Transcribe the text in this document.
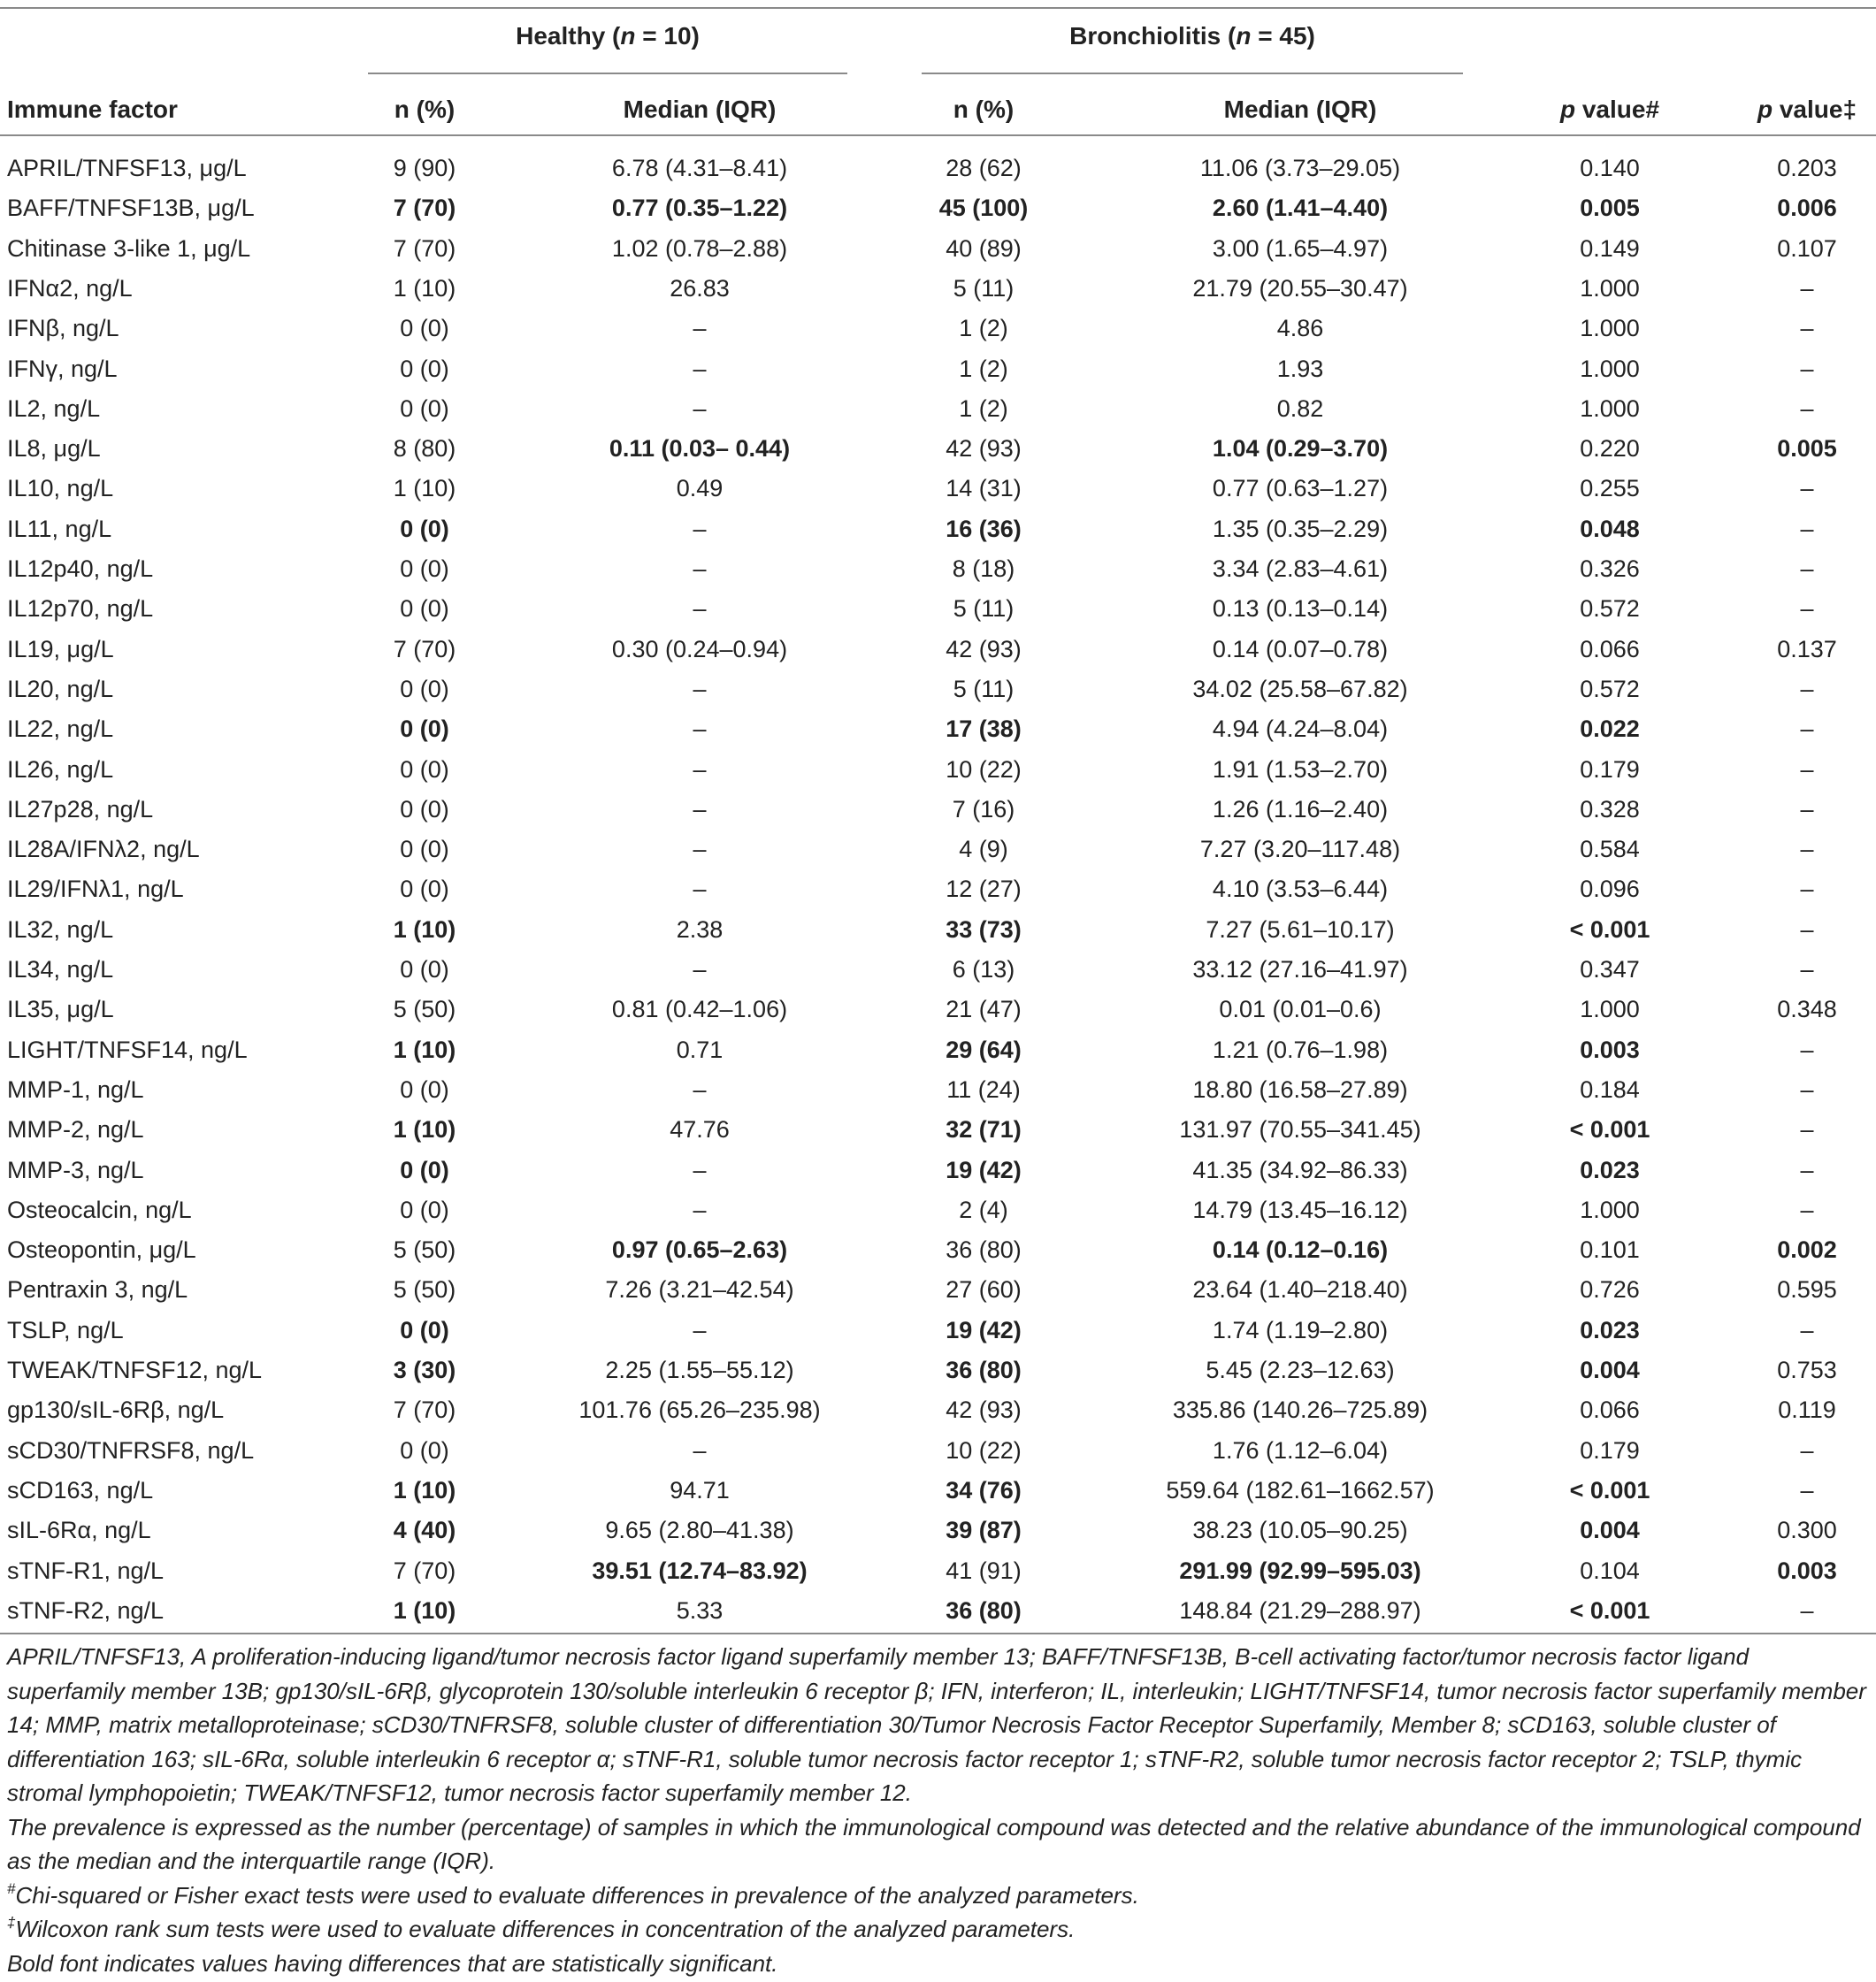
Healthy (n = 10)	Bronchiolitis (n = 45)
Immune factor	n (%)	Median (IQR)	n (%)	Median (IQR)	p value#	p value‡
APRIL/TNFSF13, μg/L	9 (90)	6.78 (4.31–8.41)	28 (62)	11.06 (3.73–29.05)	0.140	0.203
BAFF/TNFSF13B, μg/L	7 (70)	0.77 (0.35–1.22)	45 (100)	2.60 (1.41–4.40)	0.005	0.006
Chitinase 3-like 1, μg/L	7 (70)	1.02 (0.78–2.88)	40 (89)	3.00 (1.65–4.97)	0.149	0.107
IFNα2, ng/L	1 (10)	26.83	5 (11)	21.79 (20.55–30.47)	1.000	–
IFNβ, ng/L	0 (0)	–	1 (2)	4.86	1.000	–
IFNγ, ng/L	0 (0)	–	1 (2)	1.93	1.000	–
IL2, ng/L	0 (0)	–	1 (2)	0.82	1.000	–
IL8, μg/L	8 (80)	0.11 (0.03– 0.44)	42 (93)	1.04 (0.29–3.70)	0.220	0.005
IL10, ng/L	1 (10)	0.49	14 (31)	0.77 (0.63–1.27)	0.255	–
IL11, ng/L	0 (0)	–	16 (36)	1.35 (0.35–2.29)	0.048	–
IL12p40, ng/L	0 (0)	–	8 (18)	3.34 (2.83–4.61)	0.326	–
IL12p70, ng/L	0 (0)	–	5 (11)	0.13 (0.13–0.14)	0.572	–
IL19, μg/L	7 (70)	0.30 (0.24–0.94)	42 (93)	0.14 (0.07–0.78)	0.066	0.137
IL20, ng/L	0 (0)	–	5 (11)	34.02 (25.58–67.82)	0.572	–
IL22, ng/L	0 (0)	–	17 (38)	4.94 (4.24–8.04)	0.022	–
IL26, ng/L	0 (0)	–	10 (22)	1.91 (1.53–2.70)	0.179	–
IL27p28, ng/L	0 (0)	–	7 (16)	1.26 (1.16–2.40)	0.328	–
IL28A/IFNλ2, ng/L	0 (0)	–	4 (9)	7.27 (3.20–117.48)	0.584	–
IL29/IFNλ1, ng/L	0 (0)	–	12 (27)	4.10 (3.53–6.44)	0.096	–
IL32, ng/L	1 (10)	2.38	33 (73)	7.27 (5.61–10.17)	< 0.001	–
IL34, ng/L	0 (0)	–	6 (13)	33.12 (27.16–41.97)	0.347	–
IL35, μg/L	5 (50)	0.81 (0.42–1.06)	21 (47)	0.01 (0.01–0.6)	1.000	0.348
LIGHT/TNFSF14, ng/L	1 (10)	0.71	29 (64)	1.21 (0.76–1.98)	0.003	–
MMP-1, ng/L	0 (0)	–	11 (24)	18.80 (16.58–27.89)	0.184	–
MMP-2, ng/L	1 (10)	47.76	32 (71)	131.97 (70.55–341.45)	< 0.001	–
MMP-3, ng/L	0 (0)	–	19 (42)	41.35 (34.92–86.33)	0.023	–
Osteocalcin, ng/L	0 (0)	–	2 (4)	14.79 (13.45–16.12)	1.000	–
Osteopontin, μg/L	5 (50)	0.97 (0.65–2.63)	36 (80)	0.14 (0.12–0.16)	0.101	0.002
Pentraxin 3, ng/L	5 (50)	7.26 (3.21–42.54)	27 (60)	23.64 (1.40–218.40)	0.726	0.595
TSLP, ng/L	0 (0)	–	19 (42)	1.74 (1.19–2.80)	0.023	–
TWEAK/TNFSF12, ng/L	3 (30)	2.25 (1.55–55.12)	36 (80)	5.45 (2.23–12.63)	0.004	0.753
gp130/sIL-6Rβ, ng/L	7 (70)	101.76 (65.26–235.98)	42 (93)	335.86 (140.26–725.89)	0.066	0.119
sCD30/TNFRSF8, ng/L	0 (0)	–	10 (22)	1.76 (1.12–6.04)	0.179	–
sCD163, ng/L	1 (10)	94.71	34 (76)	559.64 (182.61–1662.57)	< 0.001	–
sIL-6Rα, ng/L	4 (40)	9.65 (2.80–41.38)	39 (87)	38.23 (10.05–90.25)	0.004	0.300
sTNF-R1, ng/L	7 (70)	39.51 (12.74–83.92)	41 (91)	291.99 (92.99–595.03)	0.104	0.003
sTNF-R2, ng/L	1 (10)	5.33	36 (80)	148.84 (21.29–288.97)	< 0.001	–

APRIL/TNFSF13, A proliferation-inducing ligand/tumor necrosis factor ligand superfamily member 13; BAFF/TNFSF13B, B-cell activating factor/tumor necrosis factor ligand superfamily member 13B; gp130/sIL-6Rβ, glycoprotein 130/soluble interleukin 6 receptor β; IFN, interferon; IL, interleukin; LIGHT/TNFSF14, tumor necrosis factor superfamily member 14; MMP, matrix metalloproteinase; sCD30/TNFRSF8, soluble cluster of differentiation 30/Tumor Necrosis Factor Receptor Superfamily, Member 8; sCD163, soluble cluster of differentiation 163; sIL-6Rα, soluble interleukin 6 receptor α; sTNF-R1, soluble tumor necrosis factor receptor 1; sTNF-R2, soluble tumor necrosis factor receptor 2; TSLP, thymic stromal lymphopoietin; TWEAK/TNFSF12, tumor necrosis factor superfamily member 12.

The prevalence is expressed as the number (percentage) of samples in which the immunological compound was detected and the relative abundance of the immunological compound as the median and the interquartile range (IQR).

#Chi-squared or Fisher exact tests were used to evaluate differences in prevalence of the analyzed parameters.

‡Wilcoxon rank sum tests were used to evaluate differences in concentration of the analyzed parameters.

Bold font indicates values having differences that are statistically significant.
